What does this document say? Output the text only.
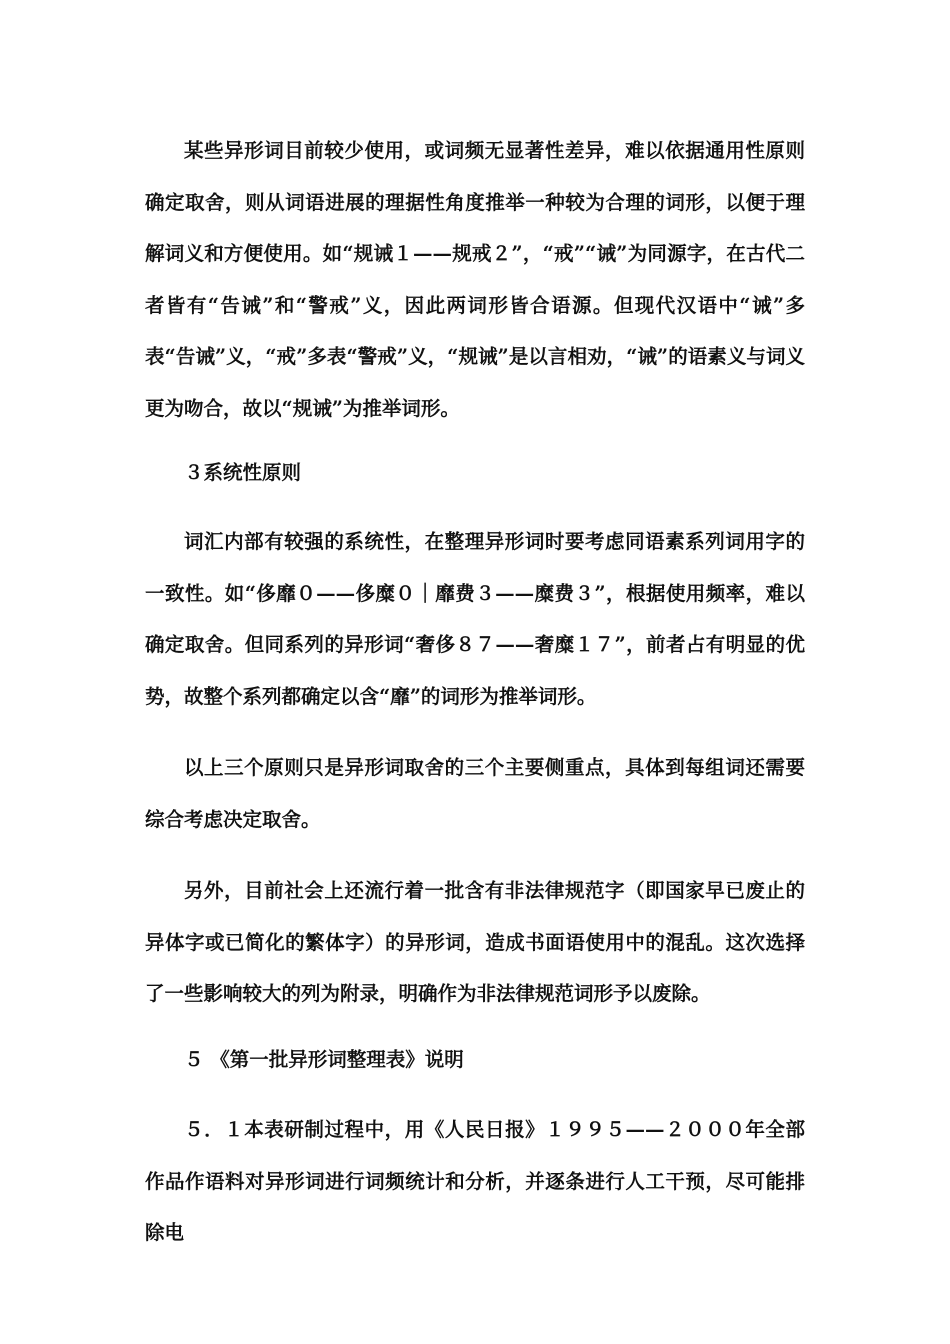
某些异形词目前较少使用，或词频无显著性差异，难以依据通用性原则确定取舍，则从词语进展的理据性角度推举一种较为合理的词形，以便于理解词义和方便使用。如“规诫１——规戒２”，“戒”“诫”为同源字，在古代二者皆有“告诫”和“警戒”义，因此两词形皆合语源。但现代汉语中“诫”多表“告诫”义，“戒”多表“警戒”义，“规诫”是以言相劝，“诫”的语素义与词义更为吻合，故以“规诫”为推举词形。

３系统性原则

词汇内部有较强的系统性，在整理异形词时要考虑同语素系列词用字的一致性。如“侈靡０——侈糜０｜靡费３——糜费３”，根据使用频率，难以确定取舍。但同系列的异形词“奢侈８７——奢糜１７”，前者占有明显的优势，故整个系列都确定以含“靡”的词形为推举词形。

以上三个原则只是异形词取舍的三个主要侧重点，具体到每组词还需要综合考虑决定取舍。

另外，目前社会上还流行着一批含有非法律规范字（即国家早已废止的异体字或已简化的繁体字）的异形词，造成书面语使用中的混乱。这次选择了一些影响较大的列为附录，明确作为非法律规范词形予以废除。

５ 《第一批异形词整理表》说明

５．１本表研制过程中，用《人民日报》１９９５——２０００年全部作品作语料对异形词进行词频统计和分析，并逐条进行人工干预，尽可能排除电
